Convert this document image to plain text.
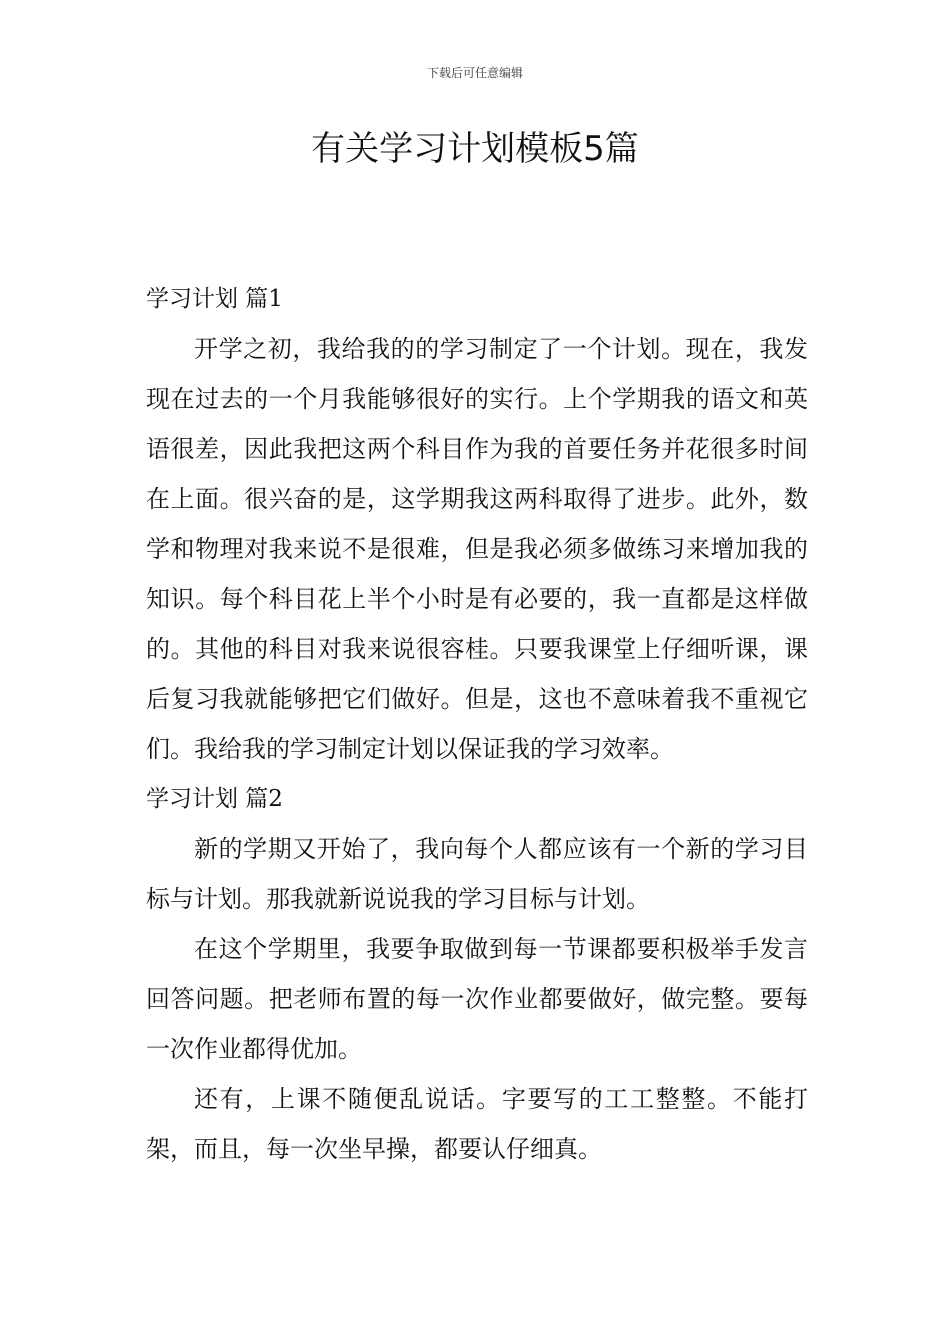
下载后可任意编辑
有关学习计划模板5篇

学习计划 篇1

开学之初，我给我的的学习制定了一个计划。现在，我发现在过去的一个月我能够很好的实行。上个学期我的语文和英语很差，因此我把这两个科目作为我的首要任务并花很多时间在上面。很兴奋的是，这学期我这两科取得了进步。此外，数学和物理对我来说不是很难，但是我必须多做练习来增加我的知识。每个科目花上半个小时是有必要的，我一直都是这样做的。其他的科目对我来说很容桂。只要我课堂上仔细听课，课后复习我就能够把它们做好。但是，这也不意味着我不重视它们。我给我的学习制定计划以保证我的学习效率。

学习计划 篇2

新的学期又开始了，我向每个人都应该有一个新的学习目标与计划。那我就新说说我的学习目标与计划。

在这个学期里，我要争取做到每一节课都要积极举手发言回答问题。把老师布置的每一次作业都要做好，做完整。要每一次作业都得优加。

还有，上课不随便乱说话。字要写的工工整整。不能打架，而且，每一次坐早操，都要认仔细真。
